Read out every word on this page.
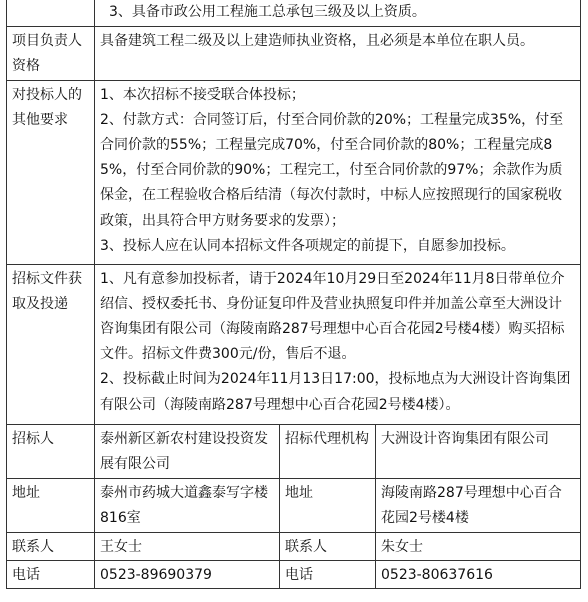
	3、具备市政公用工程施工总承包三级及以上资质。		
项目负责人资格	具备建筑工程二级及以上建造师执业资格，且必须是本单位在职人员。		
对投标人的其他要求	1、本次招标不接受联合体投标；

2、付款方式：合同签订后，付至合同价款的20%；工程量完成35%，付至合同价款的55%；工程量完成70%，付至合同价款的80%；工程量完成85%，付至合同价款的90%；工程完工，付至合同价款的97%；余款作为质保金，在工程验收合格后结清（每次付款时，中标人应按照现行的国家税收政策，出具符合甲方财务要求的发票）；

3、投标人应在认同本招标文件各项规定的前提下，自愿参加投标。		

招标文件获取及投递	1、凡有意参加投标者，请于2024年10月29日至2024年11月8日带单位介绍信、授权委托书、身份证复印件及营业执照复印件并加盖公章至大洲设计咨询集团有限公司（海陵南路287号理想中心百合花园2号楼4楼）购买招标文件。招标文件费300元/份，售后不退。

2、投标截止时间为2024年11月13日17:00，投标地点为大洲设计咨询集团有限公司（海陵南路287号理想中心百合花园2号楼4楼）。		

招标人	泰州新区新农村建设投资发展有限公司	招标代理机构	大洲设计咨询集团有限公司
地址	泰州市药城大道鑫泰写字楼816室	地址	海陵南路287号理想中心百合花园2号楼4楼
联系人	王女士	联系人	朱女士
电话	0523-89690379	电话	0523-80637616
